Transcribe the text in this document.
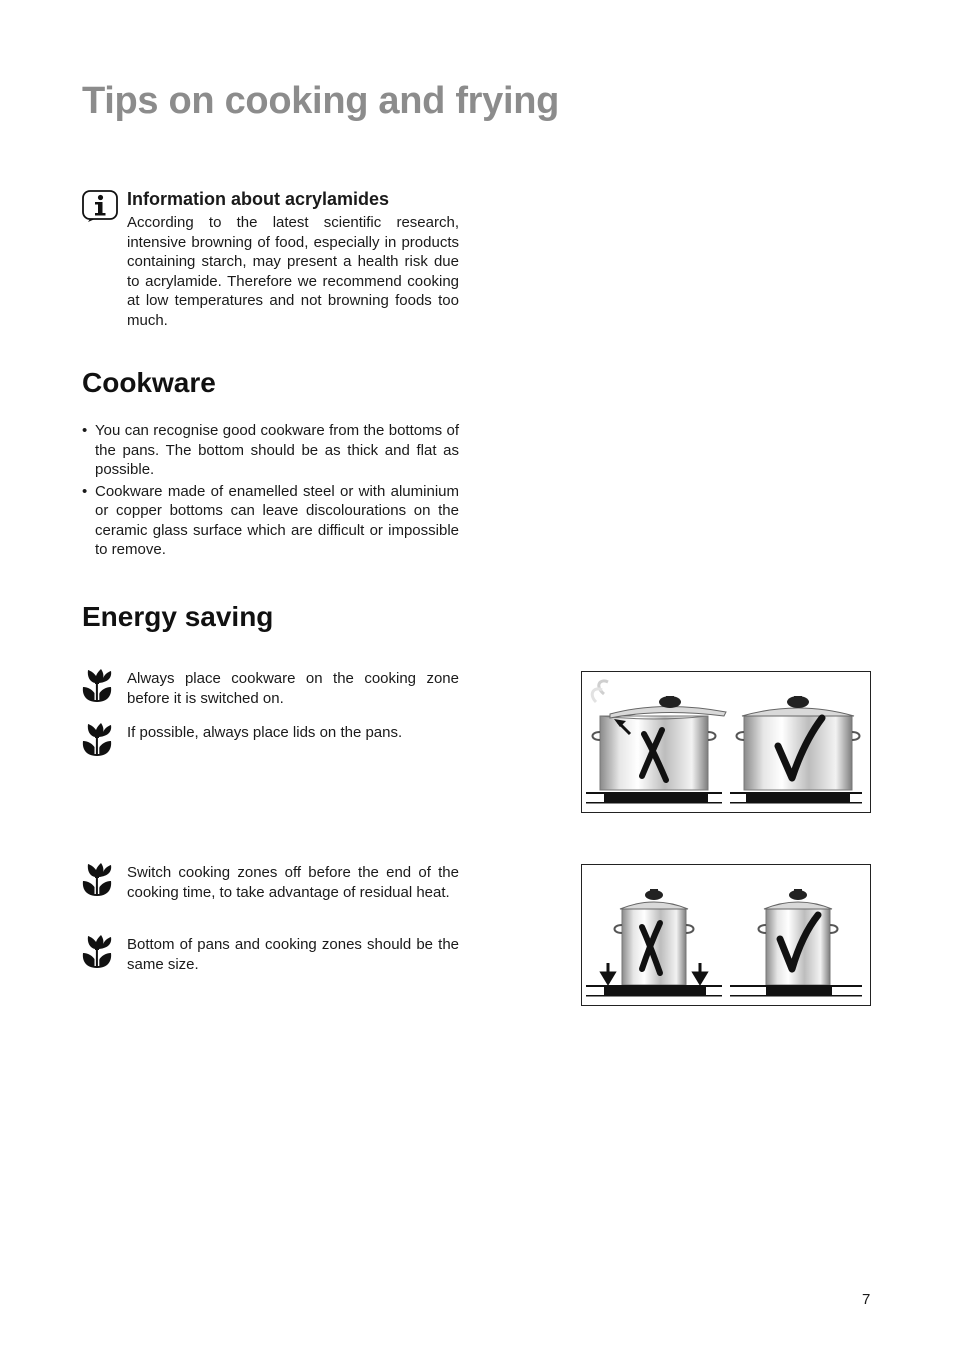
Tips on cooking and frying
Information about acrylamides

According to the latest scientific research, intensive browning of food, especially in products containing starch, may present a health risk due to acrylamide. Therefore we recommend cooking at low temperatures and not browning foods too much.

Cookware
• You can recognise good cookware from the bottoms of the pans. The bottom should be as thick and flat as possible.
• Cookware made of enamelled steel or with aluminium or copper bottoms can leave discolourations on the ceramic glass surface which are difficult or impossible to remove.
Energy saving

Always place cookware on the cooking zone before it is switched on.

If possible, always place lids on the pans.

Switch cooking zones off before the end of the cooking time, to take advantage of residual heat.

Bottom of pans and cooking zones should be the same size.

7
